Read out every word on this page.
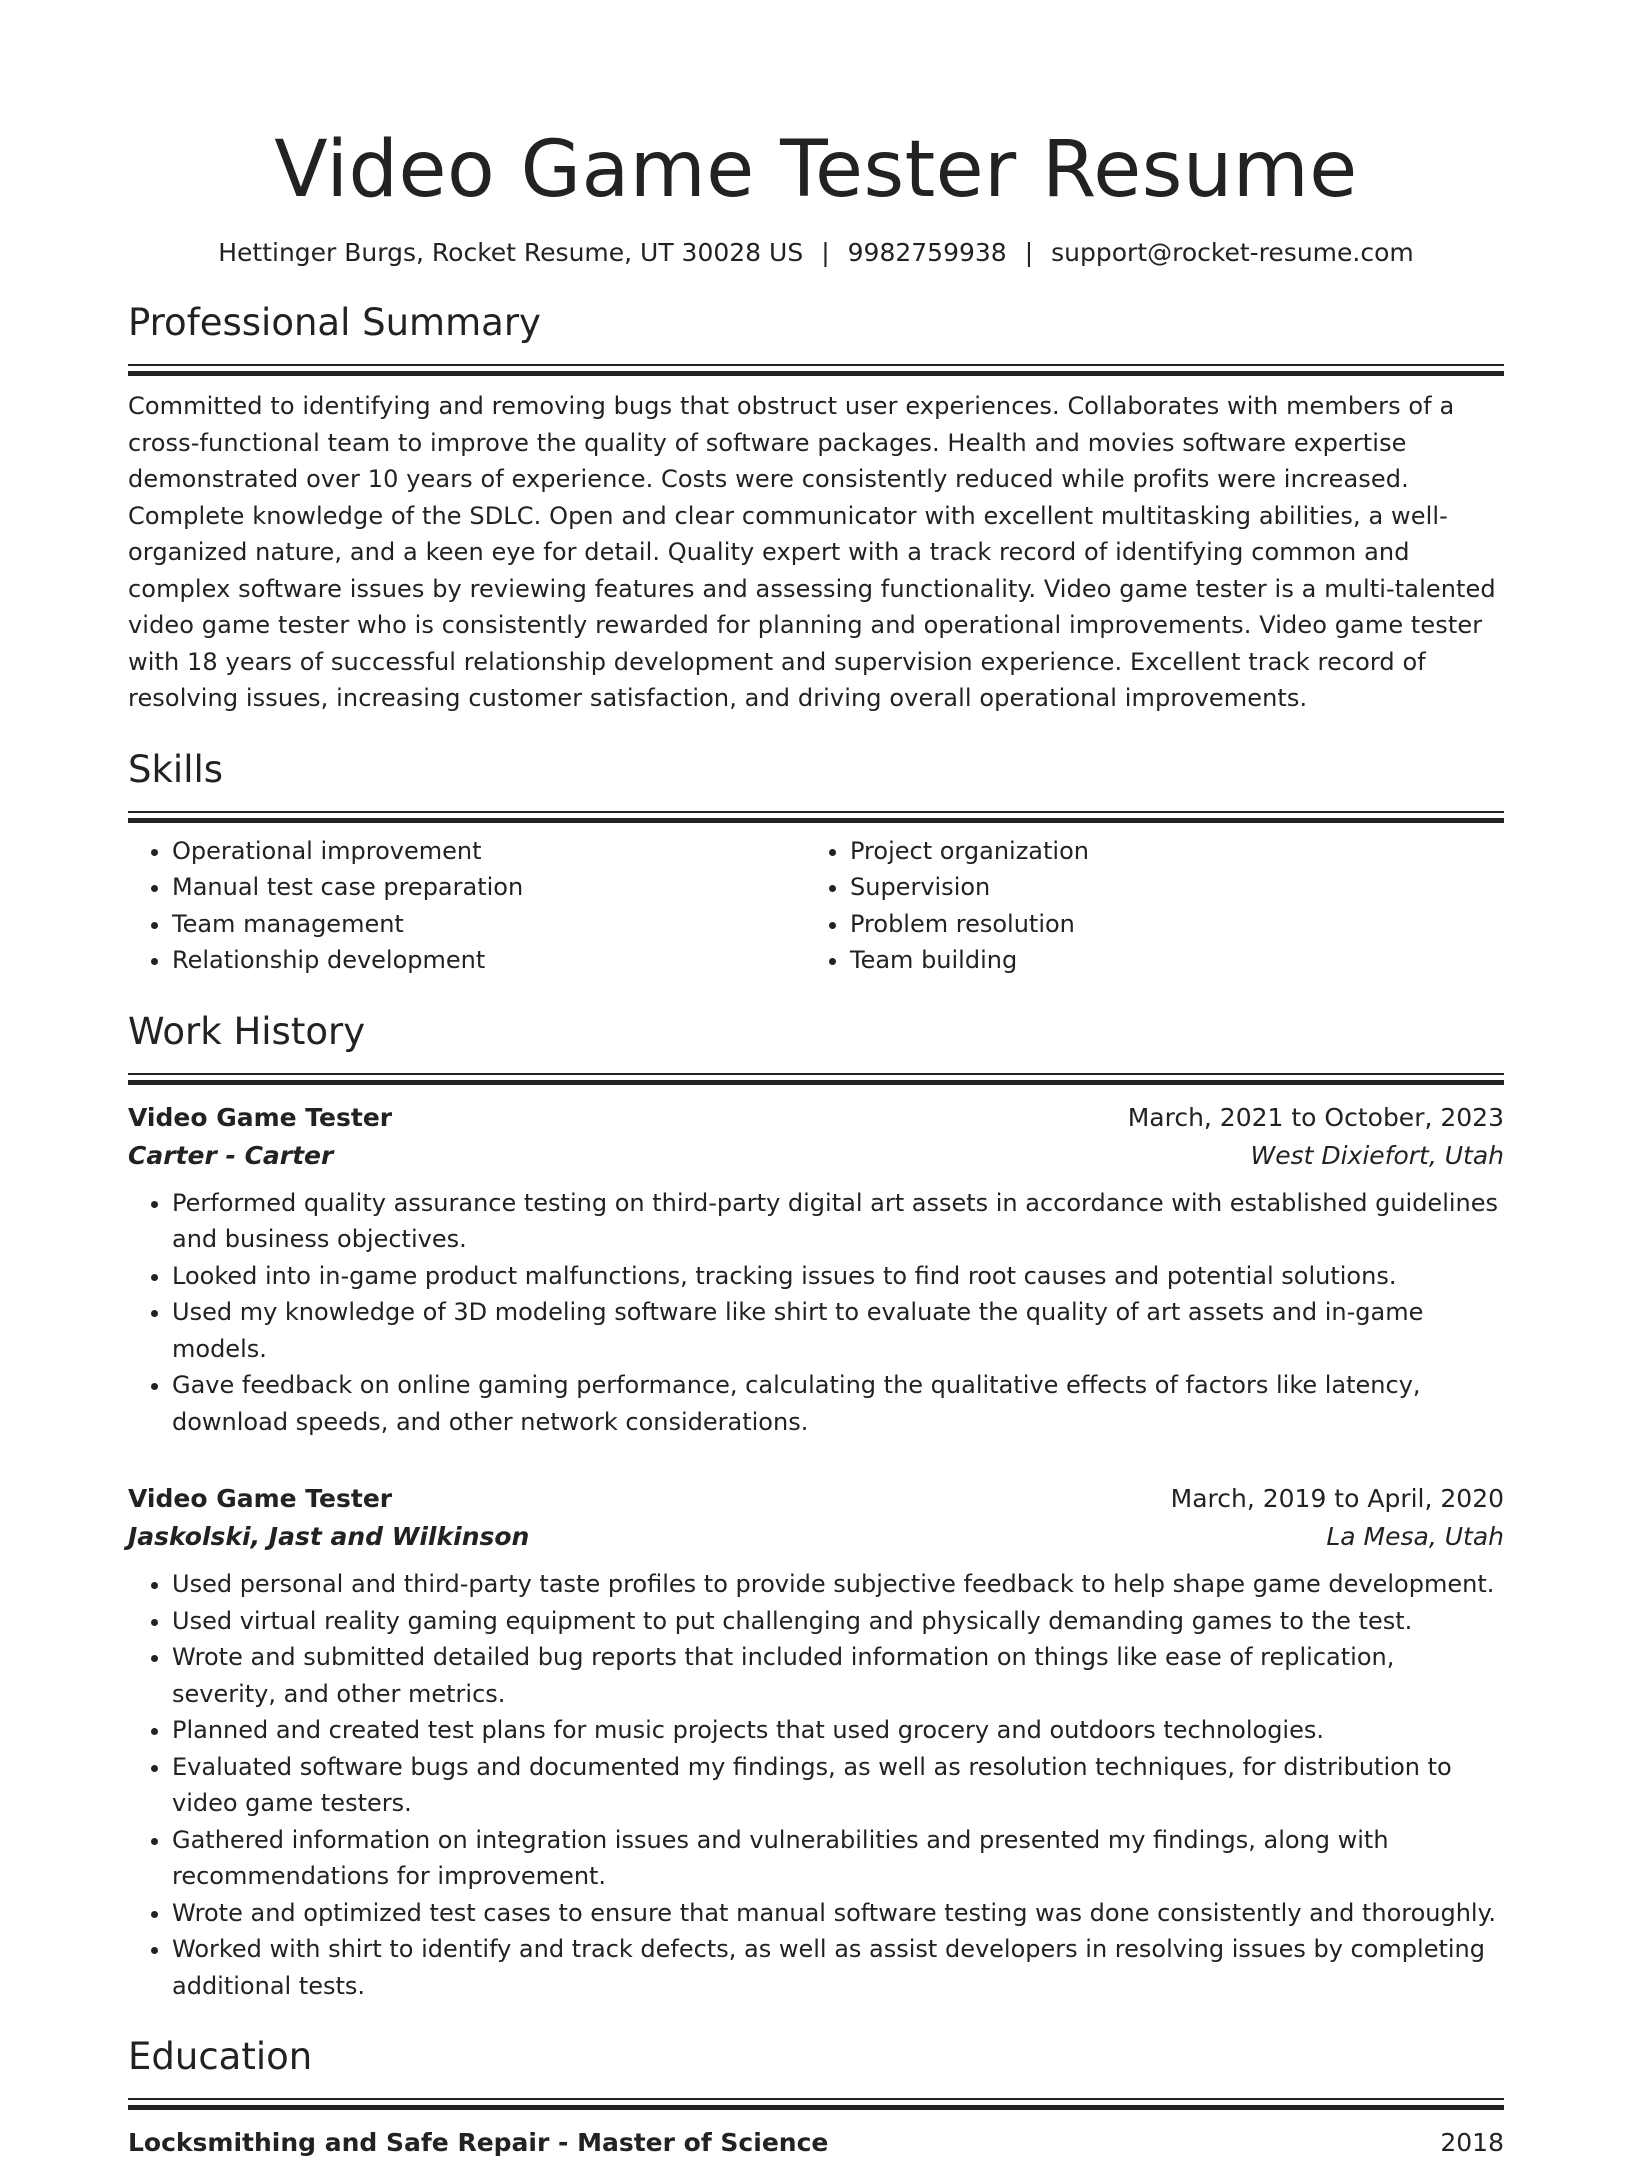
Video Game Tester Resume
Hettinger Burgs, Rocket Resume, UT 30028 US | 9982759938 | support@rocket-resume.com
Professional Summary
Committed to identifying and removing bugs that obstruct user experiences. Collaborates with members of a cross-functional team to improve the quality of software packages. Health and movies software expertise demonstrated over 10 years of experience. Costs were consistently reduced while profits were increased. Complete knowledge of the SDLC. Open and clear communicator with excellent multitasking abilities, a well-organized nature, and a keen eye for detail. Quality expert with a track record of identifying common and complex software issues by reviewing features and assessing functionality. Video game tester is a multi-talented video game tester who is consistently rewarded for planning and operational improvements. Video game tester with 18 years of successful relationship development and supervision experience. Excellent track record of resolving issues, increasing customer satisfaction, and driving overall operational improvements.
Skills
• Operational improvement
• Manual test case preparation
• Team management
• Relationship development
• Project organization
• Supervision
• Problem resolution
• Team building
Work History
Video Game Tester	March, 2021 to October, 2023
Carter - Carter	West Dixiefort, Utah
• Performed quality assurance testing on third-party digital art assets in accordance with established guidelines and business objectives.
• Looked into in-game product malfunctions, tracking issues to find root causes and potential solutions.
• Used my knowledge of 3D modeling software like shirt to evaluate the quality of art assets and in-game models.
• Gave feedback on online gaming performance, calculating the qualitative effects of factors like latency, download speeds, and other network considerations.
Video Game Tester	March, 2019 to April, 2020
Jaskolski, Jast and Wilkinson	La Mesa, Utah
• Used personal and third-party taste profiles to provide subjective feedback to help shape game development.
• Used virtual reality gaming equipment to put challenging and physically demanding games to the test.
• Wrote and submitted detailed bug reports that included information on things like ease of replication, severity, and other metrics.
• Planned and created test plans for music projects that used grocery and outdoors technologies.
• Evaluated software bugs and documented my findings, as well as resolution techniques, for distribution to video game testers.
• Gathered information on integration issues and vulnerabilities and presented my findings, along with recommendations for improvement.
• Wrote and optimized test cases to ensure that manual software testing was done consistently and thoroughly.
• Worked with shirt to identify and track defects, as well as assist developers in resolving issues by completing additional tests.
Education
Locksmithing and Safe Repair - Master of Science	2018
